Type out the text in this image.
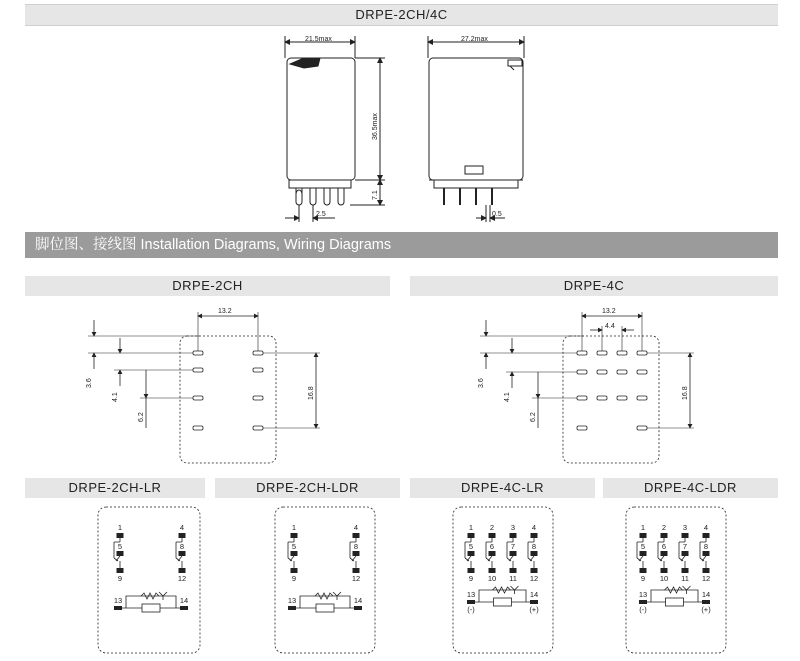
DRPE-2CH/4C
脚位图、接线图 Installation Diagrams, Wiring Diagrams
DRPE-2CH	DRPE-4C
DRPE-2CH-LR	DRPE-2CH-LDR	DRPE-4C-LR	DRPE-4C-LDR
21.5max
36.5max
7.1
2.5
27.2max
0.5
13.2
3.6
4.1
6.2
16.8
13.2
4.4
3.6
4.1
6.2
16.8
1
5
9
4
8
12
13	14
1
5
9
4
8
12
13	14
1
5
9
2
6
10
3
7
11
4
8
12
13	14
(-)	(+)
1
5
9
2
6
10
3
7
11
4
8
12
13	14
(-)	(+)
